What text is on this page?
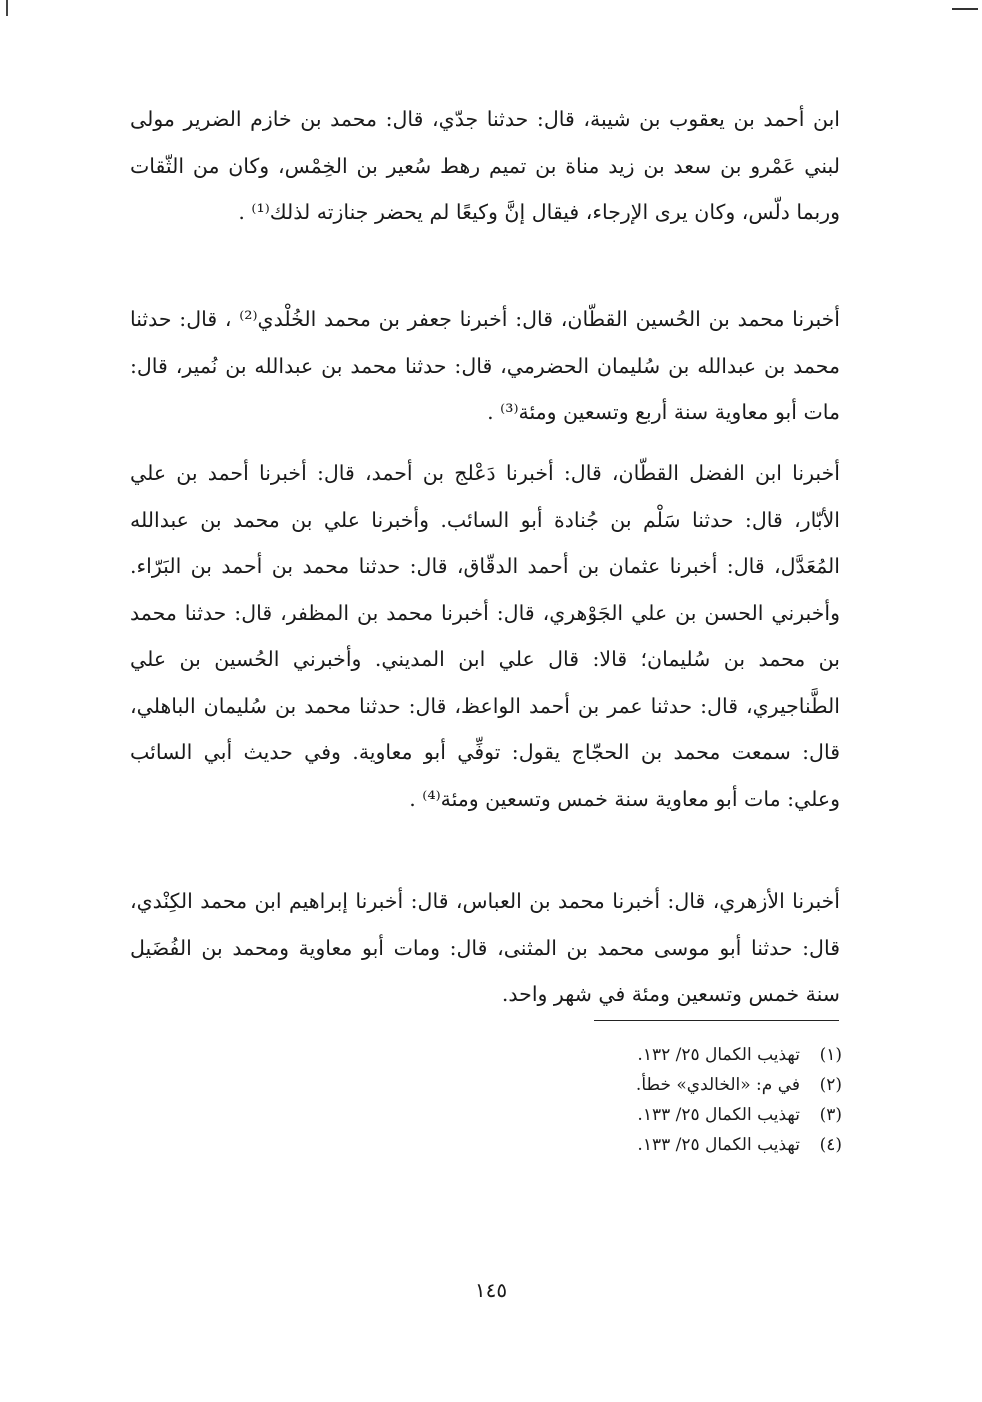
ابن أحمد بن يعقوب بن شيبة، قال: حدثنا جدّي، قال: محمد بن خازم الضرير مولى لبني عَمْرو بن سعد بن زيد مناة بن تميم رهط سُعير بن الخِمْس، وكان من الثّقات وربما دلّس، وكان يرى الإرجاء، فيقال إنَّ وكيعًا لم يحضر جنازته لذلك⁽¹⁾ .

أخبرنا محمد بن الحُسين القطّان، قال: أخبرنا جعفر بن محمد الخُلْدي⁽²⁾ ، قال: حدثنا محمد بن عبدالله بن سُليمان الحضرمي، قال: حدثنا محمد بن عبدالله بن نُمير، قال: مات أبو معاوية سنة أربع وتسعين ومئة⁽³⁾ .

أخبرنا ابن الفضل القطّان، قال: أخبرنا دَعْلج بن أحمد، قال: أخبرنا أحمد بن علي الأبّار، قال: حدثنا سَلْم بن جُنادة أبو السائب. وأخبرنا علي بن محمد بن عبدالله المُعَدَّل، قال: أخبرنا عثمان بن أحمد الدقّاق، قال: حدثنا محمد بن أحمد بن البَرّاء. وأخبرني الحسن بن علي الجَوْهري، قال: أخبرنا محمد بن المظفر، قال: حدثنا محمد بن محمد بن سُليمان؛ قالا: قال علي ابن المديني. وأخبرني الحُسين بن علي الطَّناجيري، قال: حدثنا عمر بن أحمد الواعظ، قال: حدثنا محمد بن سُليمان الباهلي، قال: سمعت محمد بن الحجّاج يقول: توفِّي أبو معاوية. وفي حديث أبي السائب وعلي: مات أبو معاوية سنة خمس وتسعين ومئة⁽⁴⁾ .

أخبرنا الأزهري، قال: أخبرنا محمد بن العباس، قال: أخبرنا إبراهيم ابن محمد الكِنْدي، قال: حدثنا أبو موسى محمد بن المثنى، قال: ومات أبو معاوية ومحمد بن الفُضَيل سنة خمس وتسعين ومئة في شهر واحد.

(١)تهذيب الكمال ٢٥/ ١٣٢.
(٢)في م: «الخالدي» خطأ.
(٣)تهذيب الكمال ٢٥/ ١٣٣.
(٤)تهذيب الكمال ٢٥/ ١٣٣.
١٤٥
